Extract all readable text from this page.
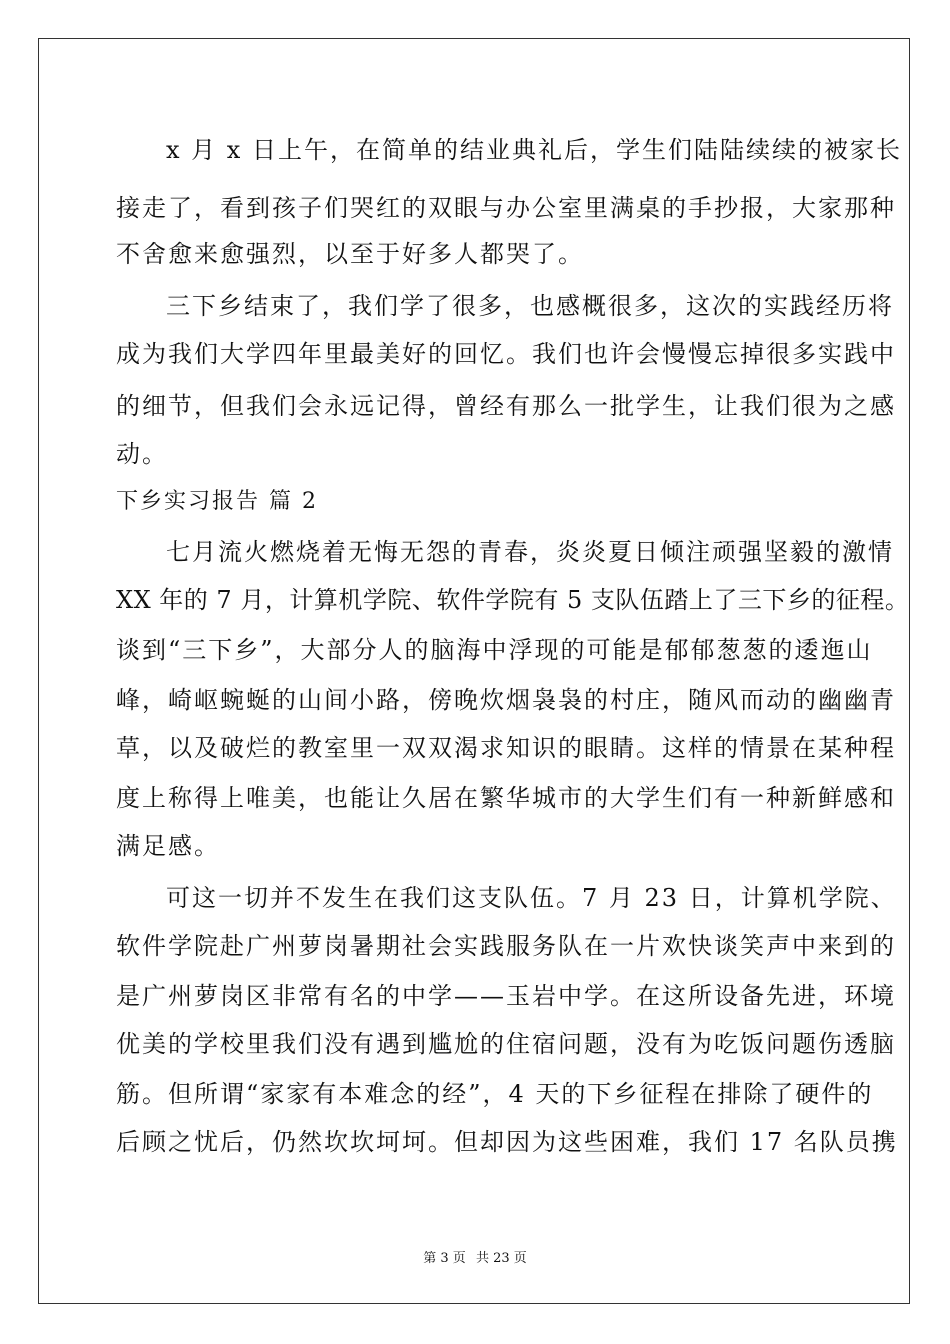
x 月 x 日上午，在简单的结业典礼后，学生们陆陆续续的被家长
接走了，看到孩子们哭红的双眼与办公室里满桌的手抄报，大家那种
不舍愈来愈强烈，以至于好多人都哭了。
三下乡结束了，我们学了很多，也感概很多，这次的实践经历将
成为我们大学四年里最美好的回忆。我们也许会慢慢忘掉很多实践中
的细节，但我们会永远记得，曾经有那么一批学生，让我们很为之感
动。
下乡实习报告 篇 2
七月流火燃烧着无悔无怨的青春，炎炎夏日倾注顽强坚毅的激情
XX 年的 7 月，计算机学院、软件学院有 5 支队伍踏上了三下乡的征程。
谈到“三下乡”，大部分人的脑海中浮现的可能是郁郁葱葱的逶迤山
峰，崎岖蜿蜒的山间小路，傍晚炊烟袅袅的村庄，随风而动的幽幽青
草，以及破烂的教室里一双双渴求知识的眼睛。这样的情景在某种程
度上称得上唯美，也能让久居在繁华城市的大学生们有一种新鲜感和
满足感。
可这一切并不发生在我们这支队伍。7 月 23 日，计算机学院、
软件学院赴广州萝岗暑期社会实践服务队在一片欢快谈笑声中来到的
是广州萝岗区非常有名的中学——玉岩中学。在这所设备先进，环境
优美的学校里我们没有遇到尴尬的住宿问题，没有为吃饭问题伤透脑
筋。但所谓“家家有本难念的经”，4 天的下乡征程在排除了硬件的
后顾之忧后，仍然坎坎坷坷。但却因为这些困难，我们 17 名队员携
第 3 页 共 23 页
